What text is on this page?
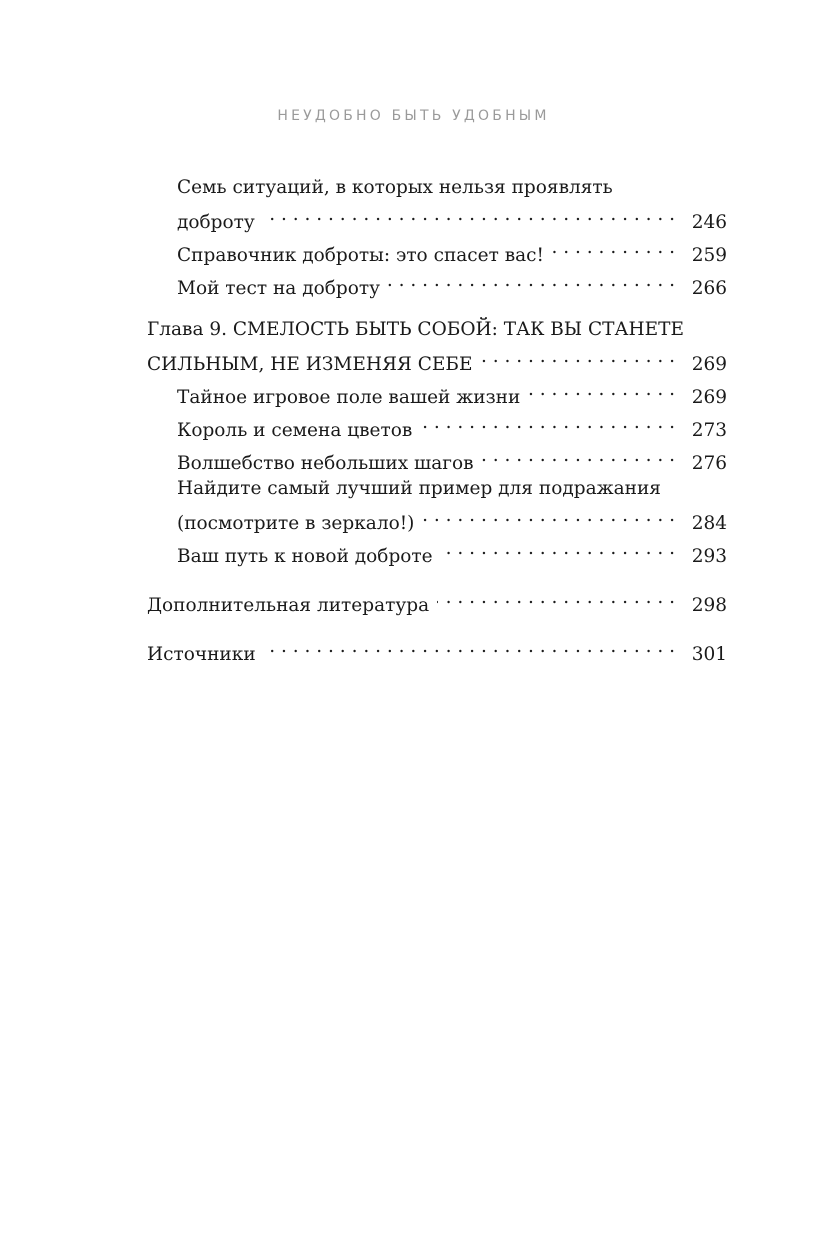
НЕУДОБНО БЫТЬ УДОБНЫМ
Семь ситуаций, в которых нельзя проявлять
доброту . . .	246
Справочник доброты: это спасет вас! . . .	259
Мой тест на доброту . . .	266
Глава 9. СМЕЛОСТЬ БЫТЬ СОБОЙ: ТАК ВЫ СТАНЕТЕ
СИЛЬНЫМ, НЕ ИЗМЕНЯЯ СЕБЕ . . .	269
Тайное игровое поле вашей жизни . . .	269
Король и семена цветов . . .	273
Волшебство небольших шагов . . .	276
Найдите самый лучший пример для подражания
(посмотрите в зеркало!) . . .	284
Ваш путь к новой доброте . . .	293
Дополнительная литература . . .	298
Источники . . .	301
